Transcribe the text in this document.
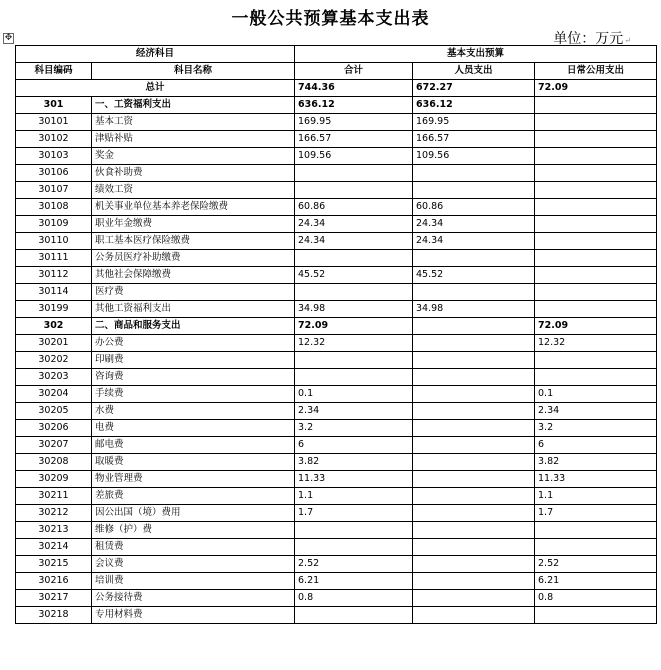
一般公共预算基本支出表
单位：万元↵
✥
经济科目		基本支出预算		
科目编码	科目名称	合计	人员支出	日常公用支出
总计		744.36	672.27	72.09
301	一、工资福利支出	636.12	636.12	
30101	基本工资	169.95	169.95	
30102	津贴补贴	166.57	166.57	
30103	奖金	109.56	109.56	
30106	伙食补助费			
30107	绩效工资			
30108	机关事业单位基本养老保险缴费	60.86	60.86	
30109	职业年金缴费	24.34	24.34	
30110	职工基本医疗保险缴费	24.34	24.34	
30111	公务员医疗补助缴费			
30112	其他社会保障缴费	45.52	45.52	
30114	医疗费			
30199	其他工资福利支出	34.98	34.98	
302	二、商品和服务支出	72.09		72.09
30201	办公费	12.32		12.32
30202	印刷费			
30203	咨询费			
30204	手续费	0.1		0.1
30205	水费	2.34		2.34
30206	电费	3.2		3.2
30207	邮电费	6		6
30208	取暖费	3.82		3.82
30209	物业管理费	11.33		11.33
30211	差旅费	1.1		1.1
30212	因公出国（境）费用	1.7		1.7
30213	维修（护）费			
30214	租赁费			
30215	会议费	2.52		2.52
30216	培训费	6.21		6.21
30217	公务接待费	0.8		0.8
30218	专用材料费			
